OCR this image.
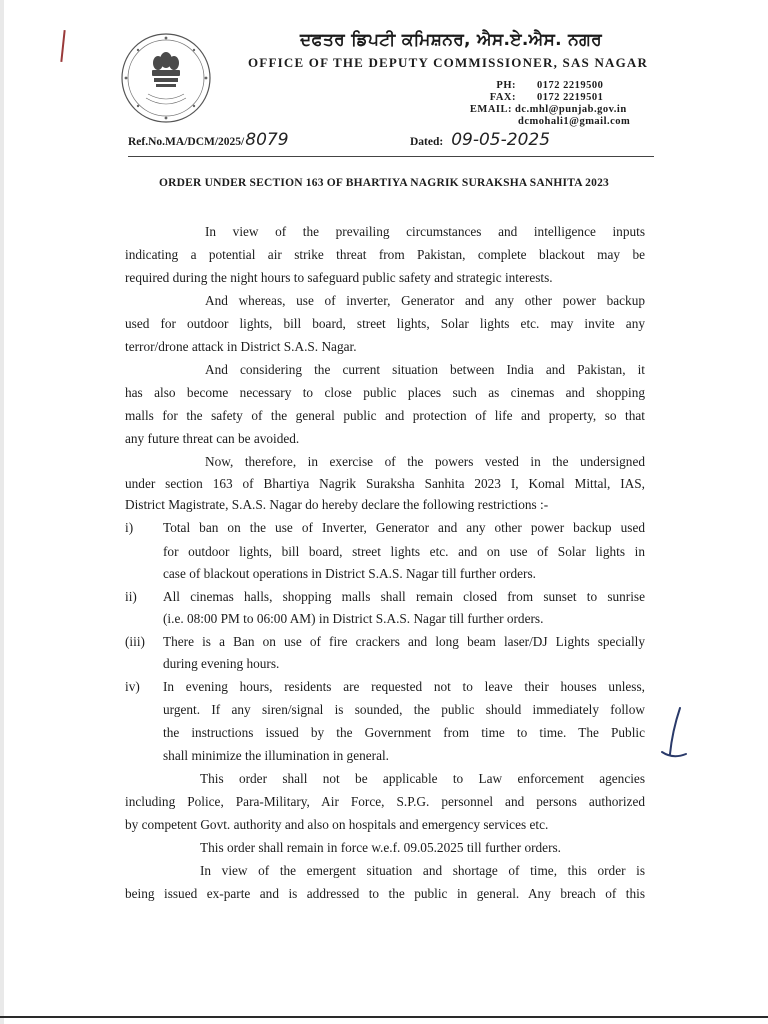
ਦਫਤਰ ਡਿਪਟੀ ਕਮਿਸ਼ਨਰ, ਐਸ.ਏ.ਐਸ. ਨਗਰ
OFFICE OF THE DEPUTY COMMISSIONER, SAS NAGAR
PH: 0172 2219500
FAX: 0172 2219501
EMAIL: dc.mhl@punjab.gov.in
dcmohali1@gmail.com
Ref.No.MA/DCM/2025/8079	Dated: 09-05-2025
ORDER UNDER SECTION 163 OF BHARTIYA NAGRIK SURAKSHA SANHITA 2023
In view of the prevailing circumstances and intelligence inputs
indicating a potential air strike threat from Pakistan, complete blackout may be
required during the night hours to safeguard public safety and strategic interests.
And whereas, use of inverter, Generator and any other power backup
used for outdoor lights, bill board, street lights, Solar lights etc. may invite any
terror/drone attack in District S.A.S. Nagar.
And considering the current situation between India and Pakistan, it
has also become necessary to close public places such as cinemas and shopping
malls for the safety of the general public and protection of life and property, so that
any future threat can be avoided.
Now, therefore, in exercise of the powers vested in the undersigned
under section 163 of Bhartiya Nagrik Suraksha Sanhita 2023 I, Komal Mittal, IAS,
District Magistrate, S.A.S. Nagar do hereby declare the following restrictions :-
i) Total ban on the use of Inverter, Generator and any other power backup used
for outdoor lights, bill board, street lights etc. and on use of Solar lights in
case of blackout operations in District S.A.S. Nagar till further orders.
ii) All cinemas halls, shopping malls shall remain closed from sunset to sunrise
(i.e. 08:00 PM to 06:00 AM) in District S.A.S. Nagar till further orders.
(iii) There is a Ban on use of fire crackers and long beam laser/DJ Lights specially
during evening hours.
iv) In evening hours, residents are requested not to leave their houses unless,
urgent. If any siren/signal is sounded, the public should immediately follow
the instructions issued by the Government from time to time. The Public
shall minimize the illumination in general.
This order shall not be applicable to Law enforcement agencies
including Police, Para-Military, Air Force, S.P.G. personnel and persons authorized
by competent Govt. authority and also on hospitals and emergency services etc.
This order shall remain in force w.e.f. 09.05.2025 till further orders.
In view of the emergent situation and shortage of time, this order is
being issued ex-parte and is addressed to the public in general. Any breach of this
